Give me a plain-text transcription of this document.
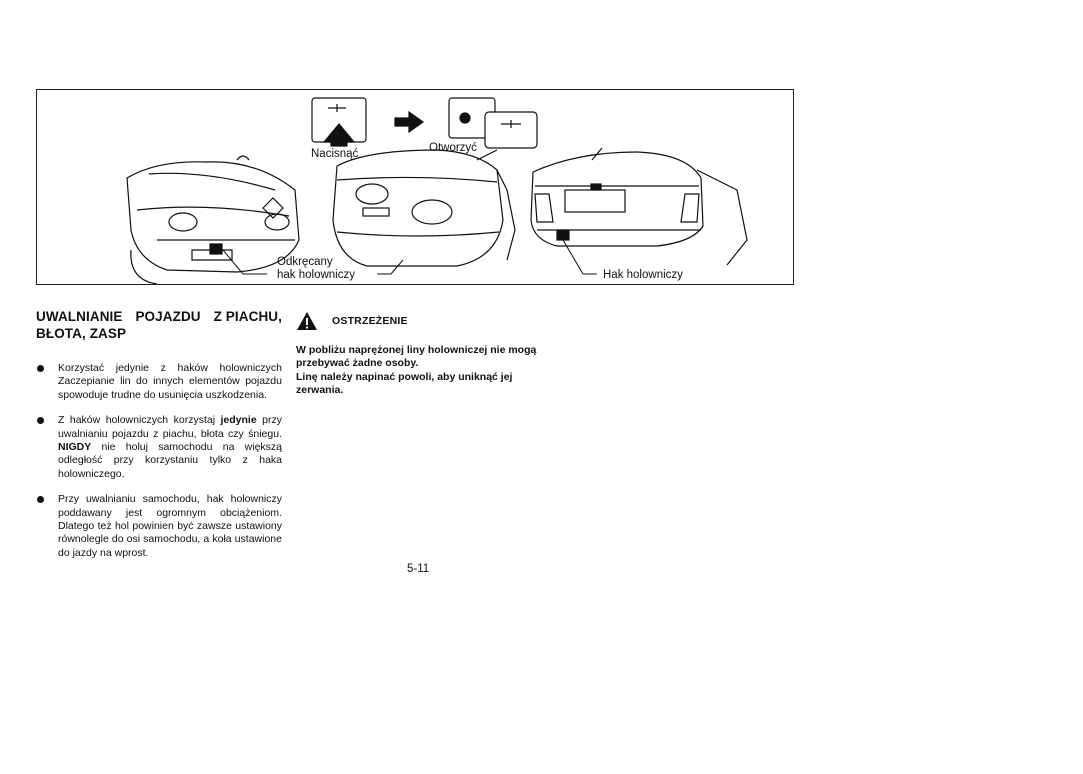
Nacisnąć	Otworzyć
Odkręcany
hak holowniczy	Hak holowniczy
UWALNIANIE POJAZDU Z PIACHU,
BŁOTA, ZASP
Korzystać jedynie z haków holowniczych Zaczepianie lin do innych elementów pojazdu spowoduje trudne do usunięcia uszkodzenia.
Z haków holowniczych korzystaj jedynie przy uwalnianiu pojazdu z piachu, błota czy śniegu. NIGDY nie holuj samochodu na większą odległość przy korzystaniu tylko z haka holowniczego.
Przy uwalnianiu samochodu, hak holowniczy poddawany jest ogromnym obciążeniom. Dlatego też hol powinien być zawsze ustawiony równolegle do osi samochodu, a koła ustawione do jazdy na wprost.
OSTRZEŻENIE

W pobliżu naprężonej liny holowniczej nie mogą przebywać żadne osoby.

Linę należy napinać powoli, aby uniknąć jej zerwania.

5-11
